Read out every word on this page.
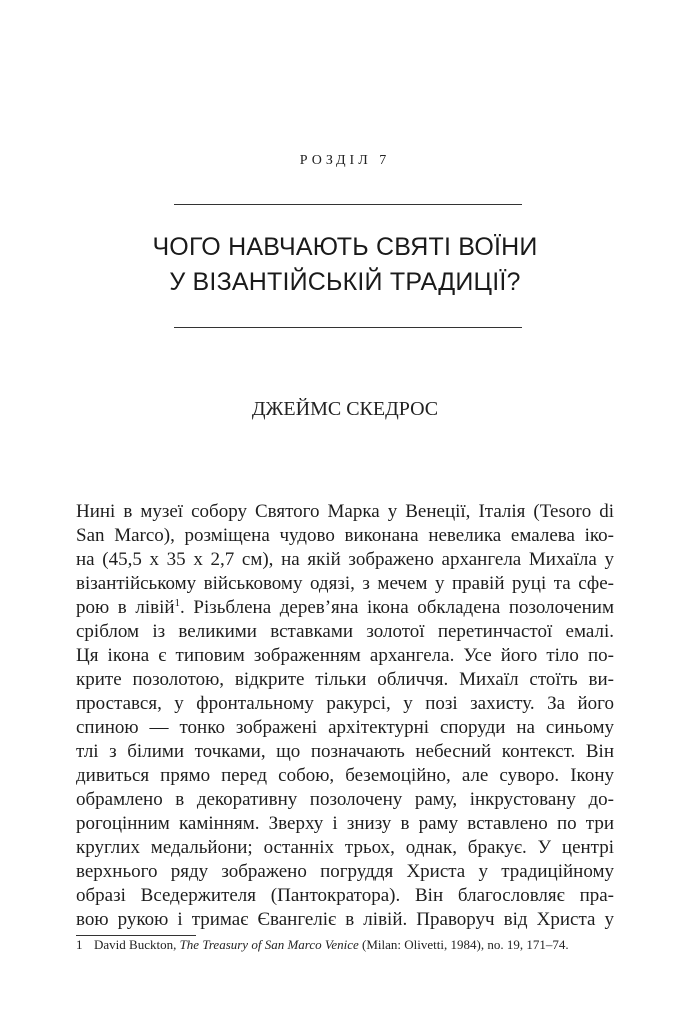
РОЗДІЛ 7
ЧОГО НАВЧАЮТЬ СВЯТІ ВОЇНИ
У ВІЗАНТІЙСЬКІЙ ТРАДИЦІЇ?
ДЖЕЙМС СКЕДРОС
Нині в музеї собору Святого Марка у Венеції, Італія (Tesoro di
San Marco), розміщена чудово виконана невелика емалева іко-
на (45,5 x 35 x 2,7 см), на якій зображено архангела Михаїла у
візантійському військовому одязі, з мечем у правій руці та сфе-
рою в лівій$^1$. Різьблена дерев’яна ікона обкладена позолоченим
сріблом із великими вставками золотої перетинчастої емалі.
Ця ікона є типовим зображенням архангела. Усе його тіло по-
крите позолотою, відкрите тільки обличчя. Михаїл стоїть ви-
простався, у фронтальному ракурсі, у позі захисту. За його
спиною — тонко зображені архітектурні споруди на синьому
тлі з білими точками, що позначають небесний контекст. Він
дивиться прямо перед собою, беземоційно, але суворо. Ікону
обрамлено в декоративну позолочену раму, інкрустовану до-
рогоцінним камінням. Зверху і знизу в раму вставлено по три
круглих медальйони; останніх трьох, однак, бракує. У центрі
верхнього ряду зображено погруддя Христа у традиційному
образі Вседержителя (Пантократора). Він благословляє пра-
вою рукою і тримає Євангеліє в лівій. Праворуч від Христа у
1 David Buckton, The Treasury of San Marco Venice (Milan: Olivetti, 1984), no. 19, 171–74.
